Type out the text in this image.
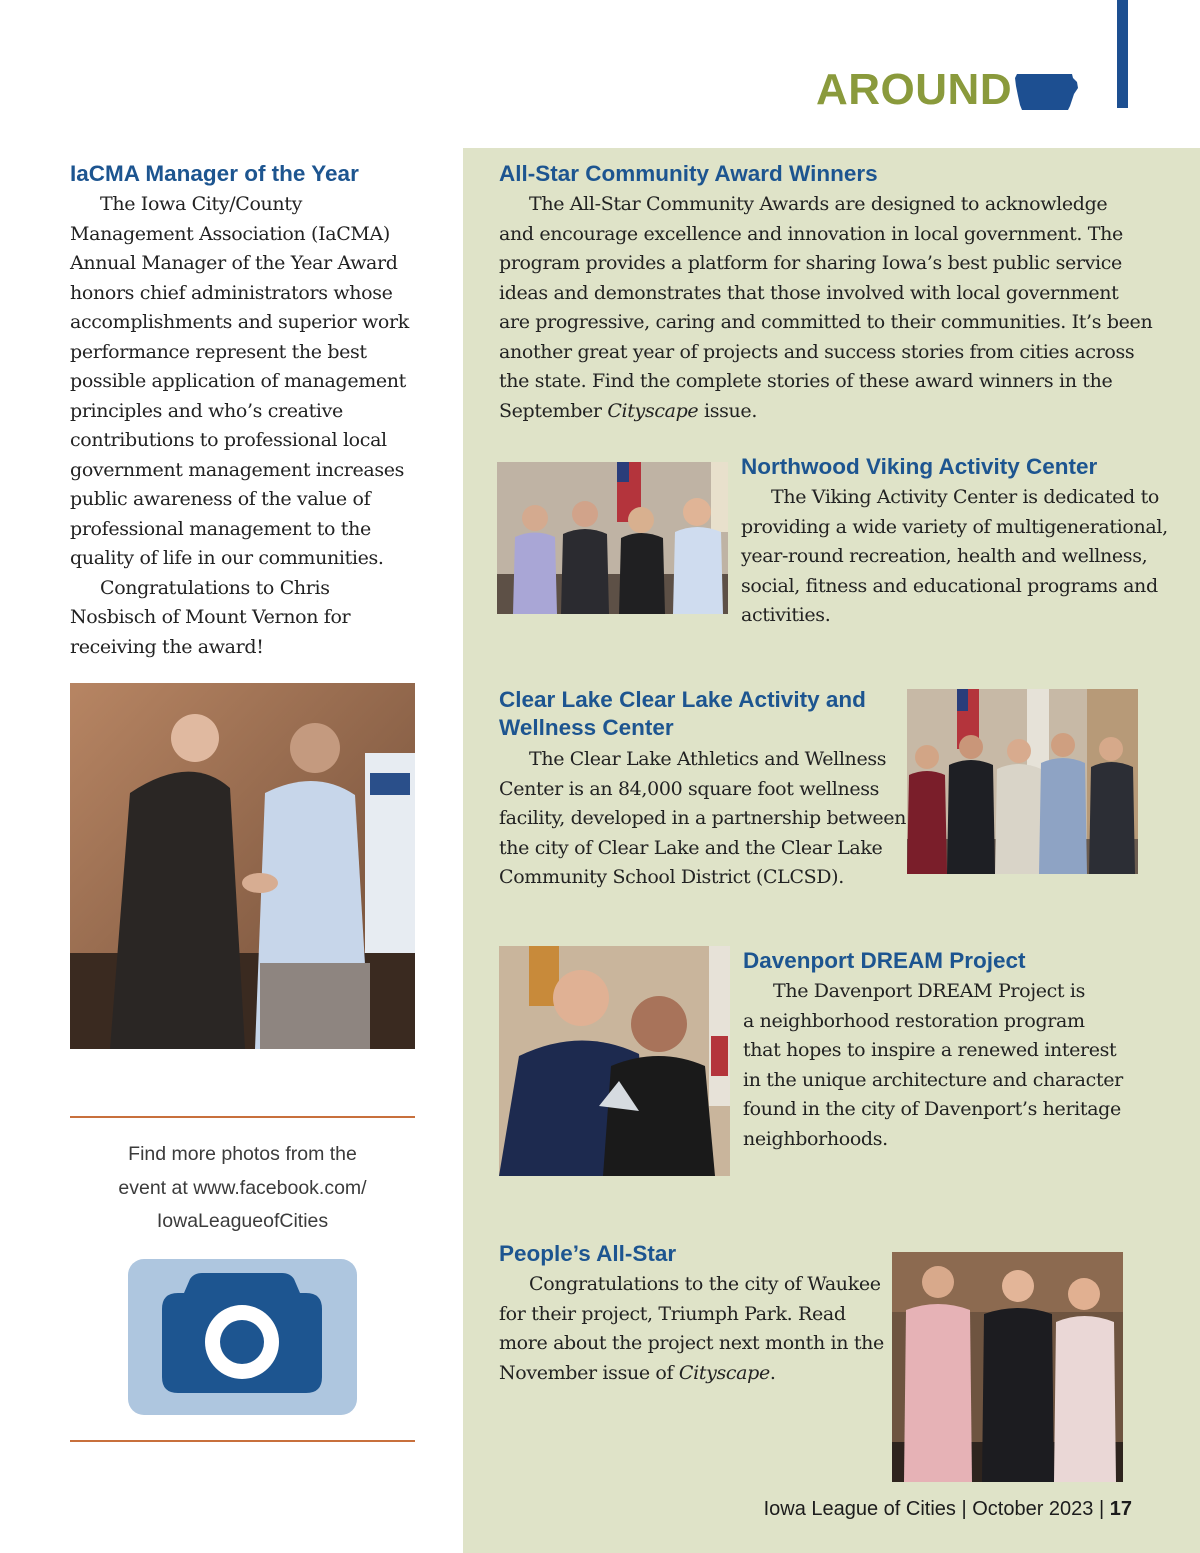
AROUND
IaCMA Manager of the Year

The Iowa City/County

Management Association (IaCMA)

Annual Manager of the Year Award

honors chief administrators whose

accomplishments and superior work

performance represent the best

possible application of management

principles and who’s creative

contributions to professional local

government management increases

public awareness of the value of

professional management to the

quality of life in our communities.

Congratulations to Chris

Nosbisch of Mount Vernon for

receiving the award!

Find more photos from the
event at www.facebook.com/
IowaLeagueofCities
All-Star Community Award Winners

The All-Star Community Awards are designed to acknowledge

and encourage excellence and innovation in local government. The

program provides a platform for sharing Iowa’s best public service

ideas and demonstrates that those involved with local government

are progressive, caring and committed to their communities. It’s been

another great year of projects and success stories from cities across

the state. Find the complete stories of these award winners in the

September Cityscape issue.

Northwood Viking Activity Center

The Viking Activity Center is dedicated to

providing a wide variety of multigenerational,

year-round recreation, health and wellness,

social, fitness and educational programs and

activities.

Clear Lake Clear Lake Activity and
Wellness Center

The Clear Lake Athletics and Wellness

Center is an 84,000 square foot wellness

facility, developed in a partnership between

the city of Clear Lake and the Clear Lake

Community School District (CLCSD).

Davenport DREAM Project

The Davenport DREAM Project is

a neighborhood restoration program

that hopes to inspire a renewed interest

in the unique architecture and character

found in the city of Davenport’s heritage

neighborhoods.

People’s All-Star

Congratulations to the city of Waukee

for their project, Triumph Park. Read

more about the project next month in the

November issue of Cityscape.

Iowa League of Cities | October 2023 | 17
